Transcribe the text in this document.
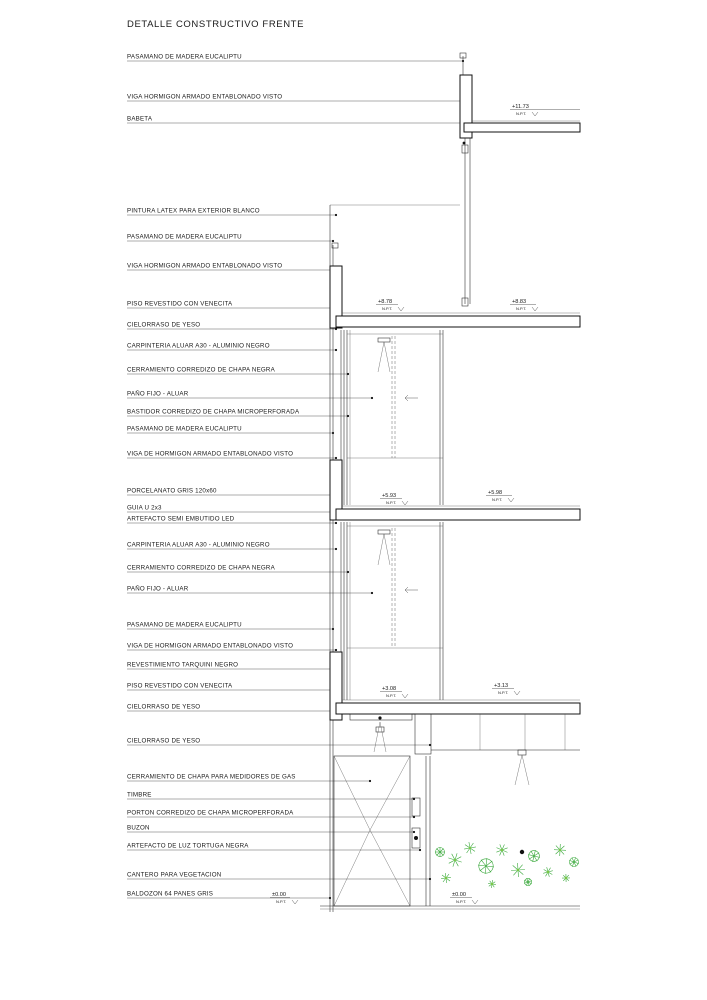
DETALLE CONSTRUCTIVO FRENTE
PASAMANO DE MADERA EUCALIPTU
VIGA HORMIGON ARMADO ENTABLONADO VISTO
BABETA
PINTURA LATEX PARA EXTERIOR BLANCO
PASAMANO DE MADERA EUCALIPTU
VIGA HORMIGON ARMADO ENTABLONADO VISTO
PISO REVESTIDO CON VENECITA
CIELORRASO DE YESO
CARPINTERIA ALUAR A30 - ALUMINIO NEGRO
CERRAMIENTO CORREDIZO DE CHAPA NEGRA
PAÑO FIJO - ALUAR
BASTIDOR CORREDIZO DE CHAPA MICROPERFORADA
PASAMANO DE MADERA EUCALIPTU
VIGA DE HORMIGON ARMADO ENTABLONADO VISTO
PORCELANATO GRIS 120x60
GUIA U 2x3
ARTEFACTO SEMI EMBUTIDO LED
CARPINTERIA ALUAR A30 - ALUMINIO NEGRO
CERRAMIENTO CORREDIZO DE CHAPA NEGRA
PAÑO FIJO - ALUAR
PASAMANO DE MADERA EUCALIPTU
VIGA DE HORMIGON ARMADO ENTABLONADO VISTO
REVESTIMIENTO TARQUINI NEGRO
PISO REVESTIDO CON VENECITA
CIELORRASO DE YESO
CIELORRASO DE YESO
CERRAMIENTO DE CHAPA PARA MEDIDORES DE GAS
TIMBRE
PORTON CORREDIZO DE CHAPA MICROPERFORADA
BUZON
ARTEFACTO DE LUZ TORTUGA NEGRA
CANTERO PARA VEGETACION
BALDOZON 64 PANES GRIS
+11.73
N.P.T.
+8.78
N.P.T.
+8.83
N.P.T.
+5.93
N.P.T.
+5.98
N.P.T.
+3.08
N.P.T.
+3.13
N.P.T.
±0.00
N.P.T.
±0.00
N.P.T.
